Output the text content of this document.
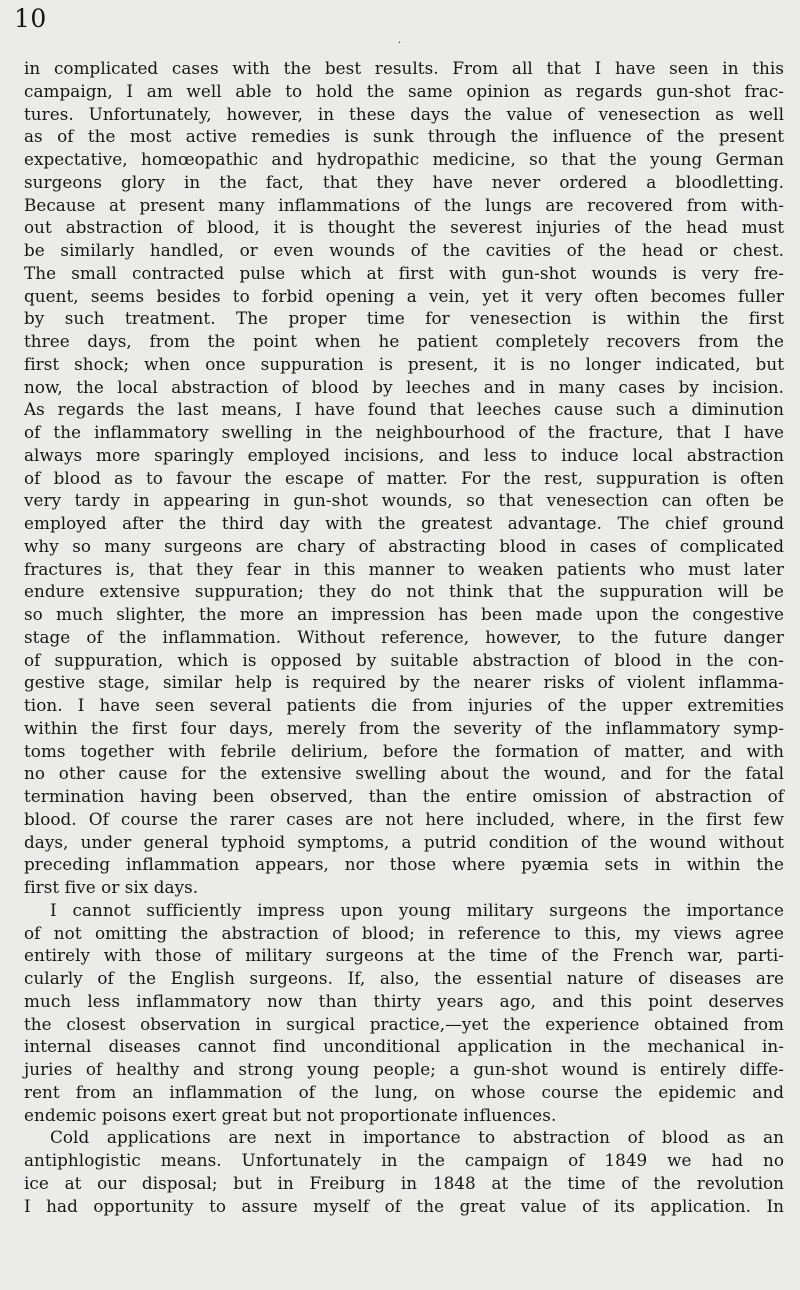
10
.
in complicated cases with the best results. From all that I have seen in this
campaign, I am well able to hold the same opinion as regards gun-shot frac-
tures. Unfortunately, however, in these days the value of venesection as well
as of the most active remedies is sunk through the influence of the present
expectative, homœopathic and hydropathic medicine, so that the young German
surgeons glory in the fact, that they have never ordered a bloodletting.
Because at present many inflammations of the lungs are recovered from with-
out abstraction of blood, it is thought the severest injuries of the head must
be similarly handled, or even wounds of the cavities of the head or chest.
The small contracted pulse which at first with gun-shot wounds is very fre-
quent, seems besides to forbid opening a vein, yet it very often becomes fuller
by such treatment. The proper time for venesection is within the first
three days, from the point when he patient completely recovers from the
first shock; when once suppuration is present, it is no longer indicated, but
now, the local abstraction of blood by leeches and in many cases by incision.
As regards the last means, I have found that leeches cause such a diminution
of the inflammatory swelling in the neighbourhood of the fracture, that I have
always more sparingly employed incisions, and less to induce local abstraction
of blood as to favour the escape of matter. For the rest, suppuration is often
very tardy in appearing in gun-shot wounds, so that venesection can often be
employed after the third day with the greatest advantage. The chief ground
why so many surgeons are chary of abstracting blood in cases of complicated
fractures is, that they fear in this manner to weaken patients who must later
endure extensive suppuration; they do not think that the suppuration will be
so much slighter, the more an impression has been made upon the congestive
stage of the inflammation. Without reference, however, to the future danger
of suppuration, which is opposed by suitable abstraction of blood in the con-
gestive stage, similar help is required by the nearer risks of violent inflamma-
tion. I have seen several patients die from injuries of the upper extremities
within the first four days, merely from the severity of the inflammatory symp-
toms together with febrile delirium, before the formation of matter, and with
no other cause for the extensive swelling about the wound, and for the fatal
termination having been observed, than the entire omission of abstraction of
blood. Of course the rarer cases are not here included, where, in the first few
days, under general typhoid symptoms, a putrid condition of the wound without
preceding inflammation appears, nor those where pyæmia sets in within the
first five or six days.
I cannot sufficiently impress upon young military surgeons the importance
of not omitting the abstraction of blood; in reference to this, my views agree
entirely with those of military surgeons at the time of the French war, parti-
cularly of the English surgeons. If, also, the essential nature of diseases are
much less inflammatory now than thirty years ago, and this point deserves
the closest observation in surgical practice,—yet the experience obtained from
internal diseases cannot find unconditional application in the mechanical in-
juries of healthy and strong young people; a gun-shot wound is entirely diffe-
rent from an inflammation of the lung, on whose course the epidemic and
endemic poisons exert great but not proportionate influences.
Cold applications are next in importance to abstraction of blood as an
antiphlogistic means. Unfortunately in the campaign of 1849 we had no
ice at our disposal; but in Freiburg in 1848 at the time of the revolution
I had opportunity to assure myself of the great value of its application. In
